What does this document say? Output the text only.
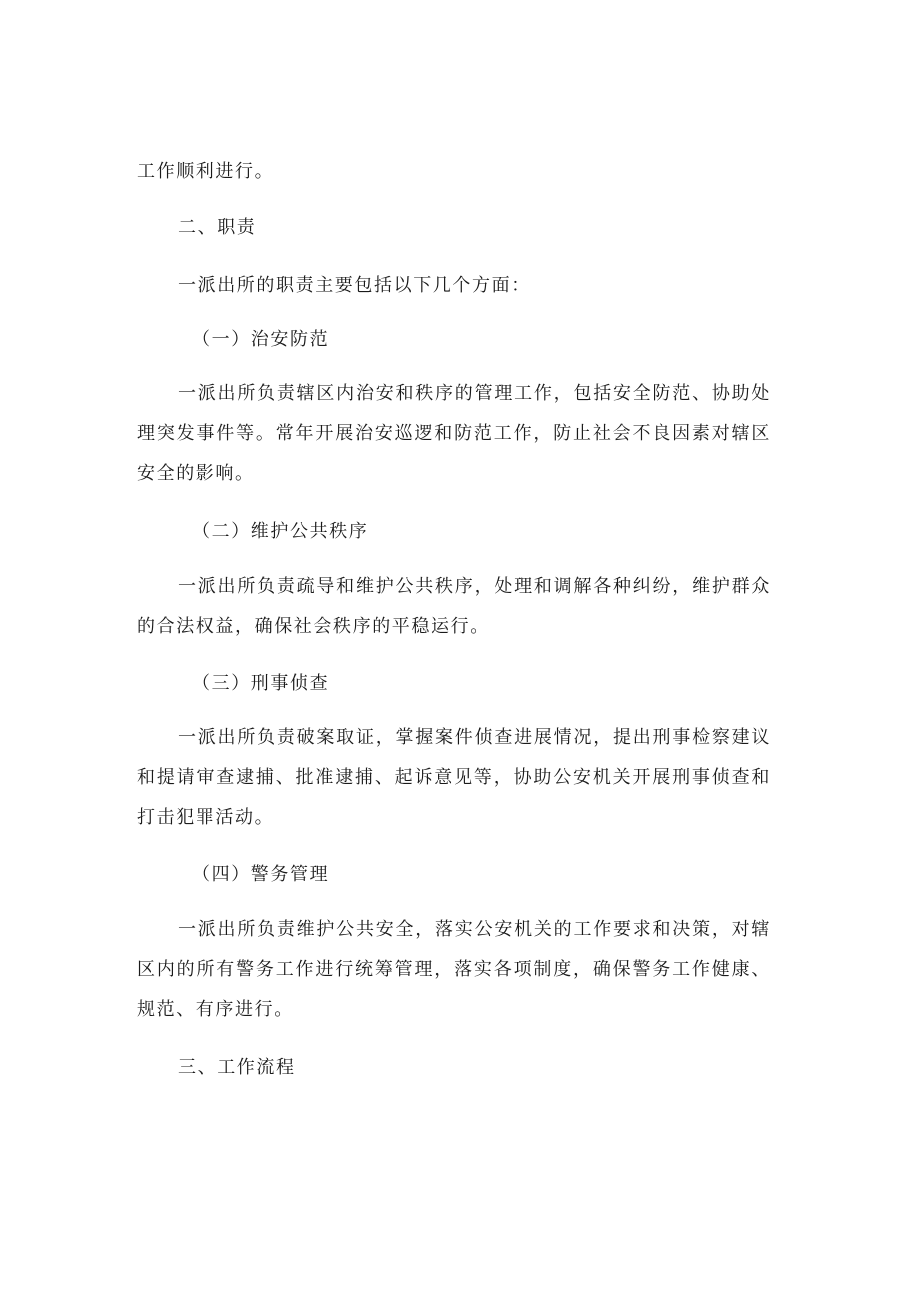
工作顺利进行。

二、职责

一派出所的职责主要包括以下几个方面：

（一）治安防范

一派出所负责辖区内治安和秩序的管理工作，包括安全防范、协助处理突发事件等。常年开展治安巡逻和防范工作，防止社会不良因素对辖区安全的影响。

（二）维护公共秩序

一派出所负责疏导和维护公共秩序，处理和调解各种纠纷，维护群众的合法权益，确保社会秩序的平稳运行。

（三）刑事侦查

一派出所负责破案取证，掌握案件侦查进展情况，提出刑事检察建议和提请审查逮捕、批准逮捕、起诉意见等，协助公安机关开展刑事侦查和打击犯罪活动。

（四）警务管理

一派出所负责维护公共安全，落实公安机关的工作要求和决策，对辖区内的所有警务工作进行统筹管理，落实各项制度，确保警务工作健康、规范、有序进行。

三、工作流程
